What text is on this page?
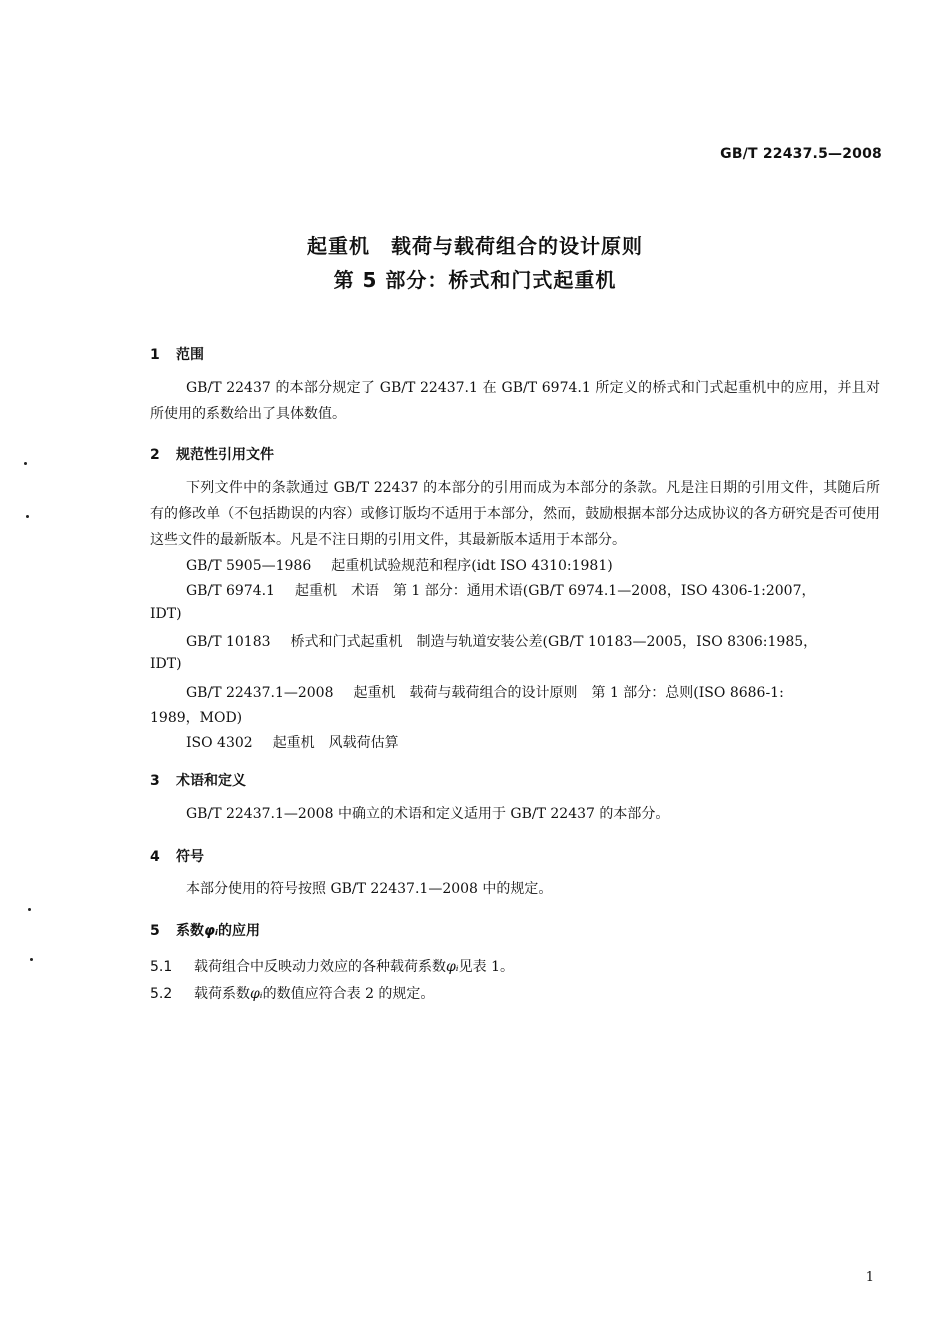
GB/T 22437.5—2008
起重机　载荷与载荷组合的设计原则
第 5 部分：桥式和门式起重机
1 范围
GB/T 22437 的本部分规定了 GB/T 22437.1 在 GB/T 6974.1 所定义的桥式和门式起重机中的应用，并且对所使用的系数给出了具体数值。
2 规范性引用文件
下列文件中的条款通过 GB/T 22437 的本部分的引用而成为本部分的条款。凡是注日期的引用文件，其随后所有的修改单（不包括勘误的内容）或修订版均不适用于本部分，然而，鼓励根据本部分达成协议的各方研究是否可使用这些文件的最新版本。凡是不注日期的引用文件，其最新版本适用于本部分。
GB/T 5905—1986 起重机试验规范和程序(idt ISO 4310:1981)
GB/T 6974.1 起重机　术语　第 1 部分：通用术语(GB/T 6974.1—2008，ISO 4306-1:2007，
IDT)
GB/T 10183 桥式和门式起重机　制造与轨道安装公差(GB/T 10183—2005，ISO 8306:1985，
IDT)
GB/T 22437.1—2008 起重机　载荷与载荷组合的设计原则　第 1 部分：总则(ISO 8686-1:
1989，MOD)
ISO 4302 起重机　风载荷估算
3 术语和定义
GB/T 22437.1—2008 中确立的术语和定义适用于 GB/T 22437 的本部分。
4 符号
本部分使用的符号按照 GB/T 22437.1—2008 中的规定。
5 系数φᵢ的应用
5.1 载荷组合中反映动力效应的各种载荷系数φᵢ见表 1。
5.2 载荷系数φᵢ的数值应符合表 2 的规定。
1
